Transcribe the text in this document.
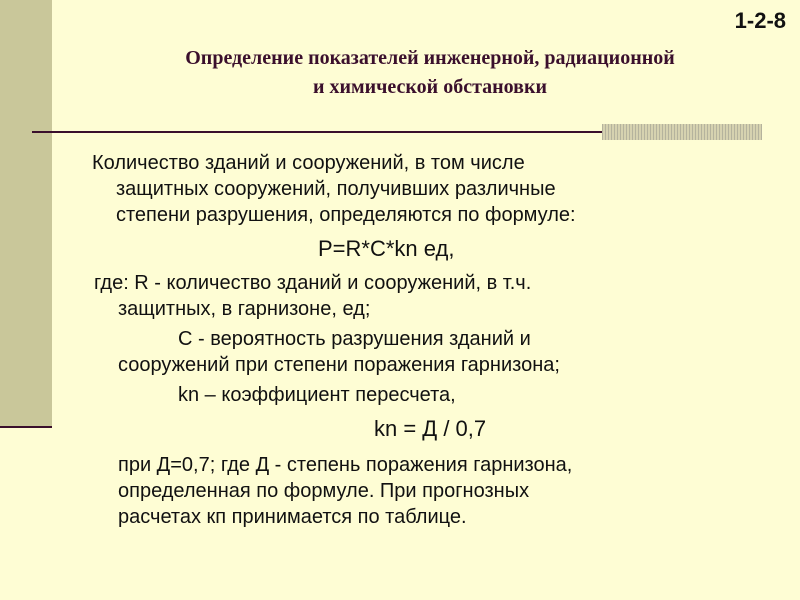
1-2-8
Определение показателей инженерной, радиационной
и химической обстановки
Количество зданий и сооружений, в том числе
защитных сооружений, получивших различные
степени разрушения, определяются по формуле:
P=R*C*kn ед,
где: R - количество зданий и сооружений, в т.ч.
защитных, в гарнизоне, ед;
С - вероятность разрушения зданий и
сооружений при степени поражения гарнизона;
kn – коэффициент пересчета,
kn = Д / 0,7
при Д=0,7; где Д - степень поражения гарнизона,
определенная по формуле. При прогнозных
расчетах кп принимается по таблице.
